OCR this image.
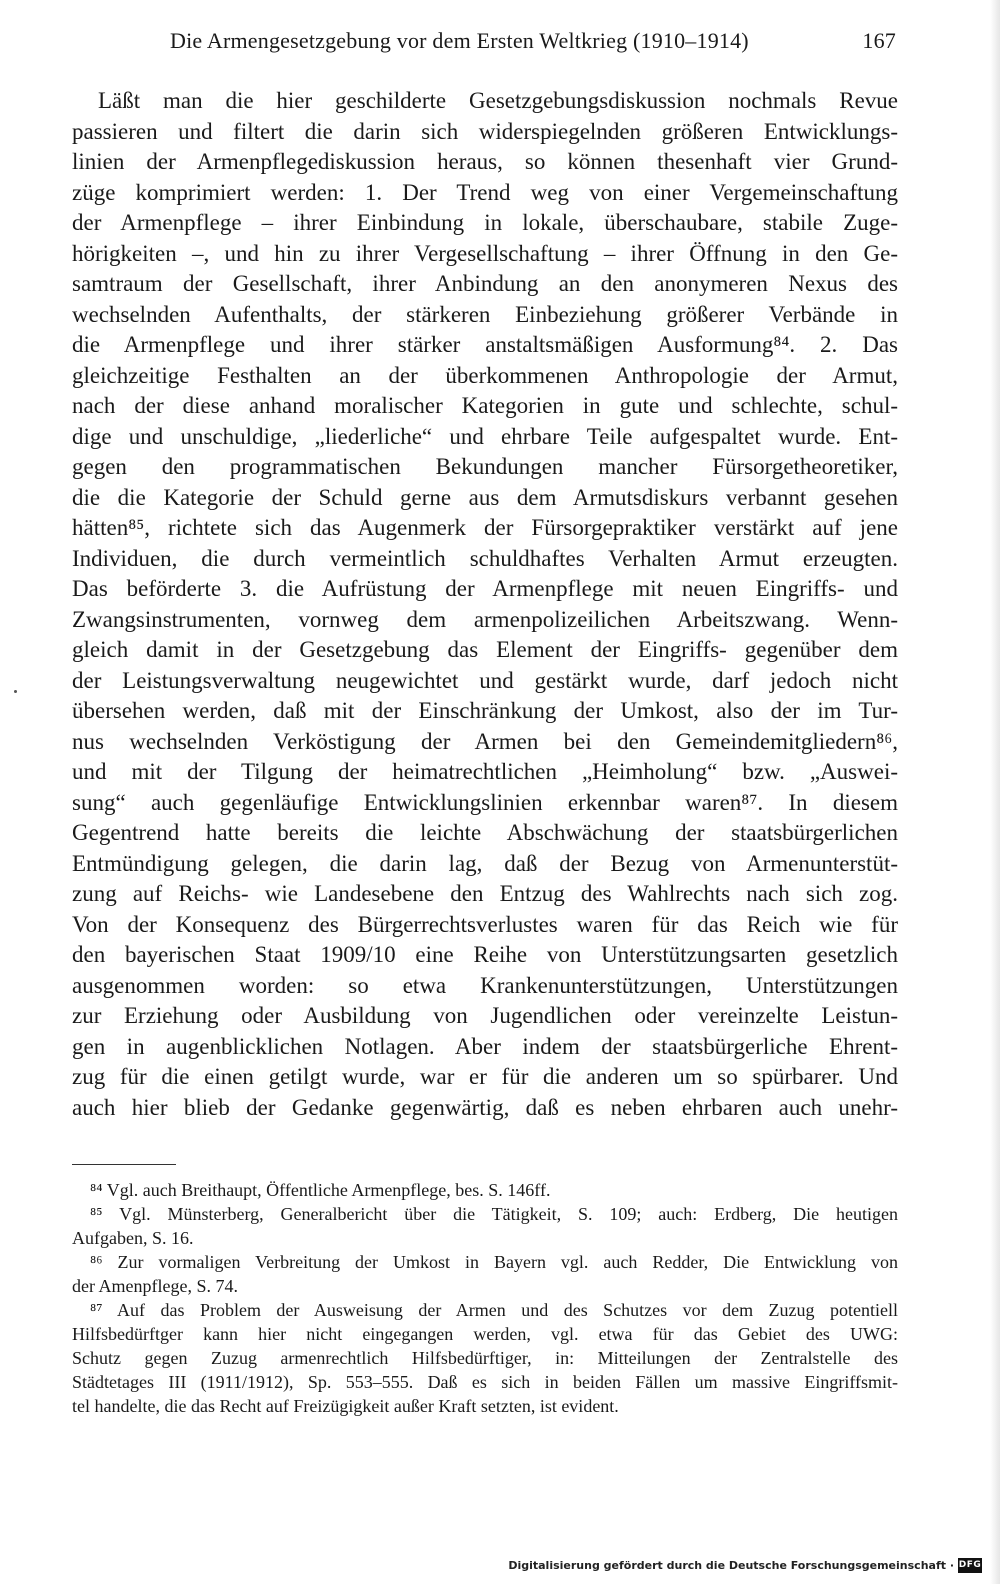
Die Armengesetzgebung vor dem Ersten Weltkrieg (1910–1914)	167
Läßt man die hier geschilderte Gesetzgebungsdiskussion nochmals Revue
passieren und filtert die darin sich widerspiegelnden größeren Entwicklungs-
linien der Armenpflegediskussion heraus, so können thesenhaft vier Grund-
züge komprimiert werden: 1. Der Trend weg von einer Vergemeinschaftung
der Armenpflege – ihrer Einbindung in lokale, überschaubare, stabile Zuge-
hörigkeiten –, und hin zu ihrer Vergesellschaftung – ihrer Öffnung in den Ge-
samtraum der Gesellschaft, ihrer Anbindung an den anonymeren Nexus des
wechselnden Aufenthalts, der stärkeren Einbeziehung größerer Verbände in
die Armenpflege und ihrer stärker anstaltsmäßigen Ausformung⁸⁴. 2. Das
gleichzeitige Festhalten an der überkommenen Anthropologie der Armut,
nach der diese anhand moralischer Kategorien in gute und schlechte, schul-
dige und unschuldige, „liederliche“ und ehrbare Teile aufgespaltet wurde. Ent-
gegen den programmatischen Bekundungen mancher Fürsorgetheoretiker,
die die Kategorie der Schuld gerne aus dem Armutsdiskurs verbannt gesehen
hätten⁸⁵, richtete sich das Augenmerk der Fürsorgepraktiker verstärkt auf jene
Individuen, die durch vermeintlich schuldhaftes Verhalten Armut erzeugten.
Das beförderte 3. die Aufrüstung der Armenpflege mit neuen Eingriffs- und
Zwangsinstrumenten, vornweg dem armenpolizeilichen Arbeitszwang. Wenn-
gleich damit in der Gesetzgebung das Element der Eingriffs- gegenüber dem
der Leistungsverwaltung neugewichtet und gestärkt wurde, darf jedoch nicht
übersehen werden, daß mit der Einschränkung der Umkost, also der im Tur-
nus wechselnden Verköstigung der Armen bei den Gemeindemitgliedern⁸⁶,
und mit der Tilgung der heimatrechtlichen „Heimholung“ bzw. „Auswei-
sung“ auch gegenläufige Entwicklungslinien erkennbar waren⁸⁷. In diesem
Gegentrend hatte bereits die leichte Abschwächung der staatsbürgerlichen
Entmündigung gelegen, die darin lag, daß der Bezug von Armenunterstüt-
zung auf Reichs- wie Landesebene den Entzug des Wahlrechts nach sich zog.
Von der Konsequenz des Bürgerrechtsverlustes waren für das Reich wie für
den bayerischen Staat 1909/10 eine Reihe von Unterstützungsarten gesetzlich
ausgenommen worden: so etwa Krankenunterstützungen, Unterstützungen
zur Erziehung oder Ausbildung von Jugendlichen oder vereinzelte Leistun-
gen in augenblicklichen Notlagen. Aber indem der staatsbürgerliche Ehrent-
zug für die einen getilgt wurde, war er für die anderen um so spürbarer. Und
auch hier blieb der Gedanke gegenwärtig, daß es neben ehrbaren auch unehr-
⁸⁴ Vgl. auch Breithaupt, Öffentliche Armenpflege, bes. S. 146ff.
⁸⁵ Vgl. Münsterberg, Generalbericht über die Tätigkeit, S. 109; auch: Erdberg, Die heutigen
Aufgaben, S. 16.
⁸⁶ Zur vormaligen Verbreitung der Umkost in Bayern vgl. auch Redder, Die Entwicklung von
der Amenpflege, S. 74.
⁸⁷ Auf das Problem der Ausweisung der Armen und des Schutzes vor dem Zuzug potentiell
Hilfsbedürftger kann hier nicht eingegangen werden, vgl. etwa für das Gebiet des UWG:
Schutz gegen Zuzug armenrechtlich Hilfsbedürftiger, in: Mitteilungen der Zentralstelle des
Städtetages III (1911/1912), Sp. 553–555. Daß es sich in beiden Fällen um massive Eingriffsmit-
tel handelte, die das Recht auf Freizügigkeit außer Kraft setzten, ist evident.
Digitalisierung gefördert durch die Deutsche Forschungsgemeinschaft · DFG
